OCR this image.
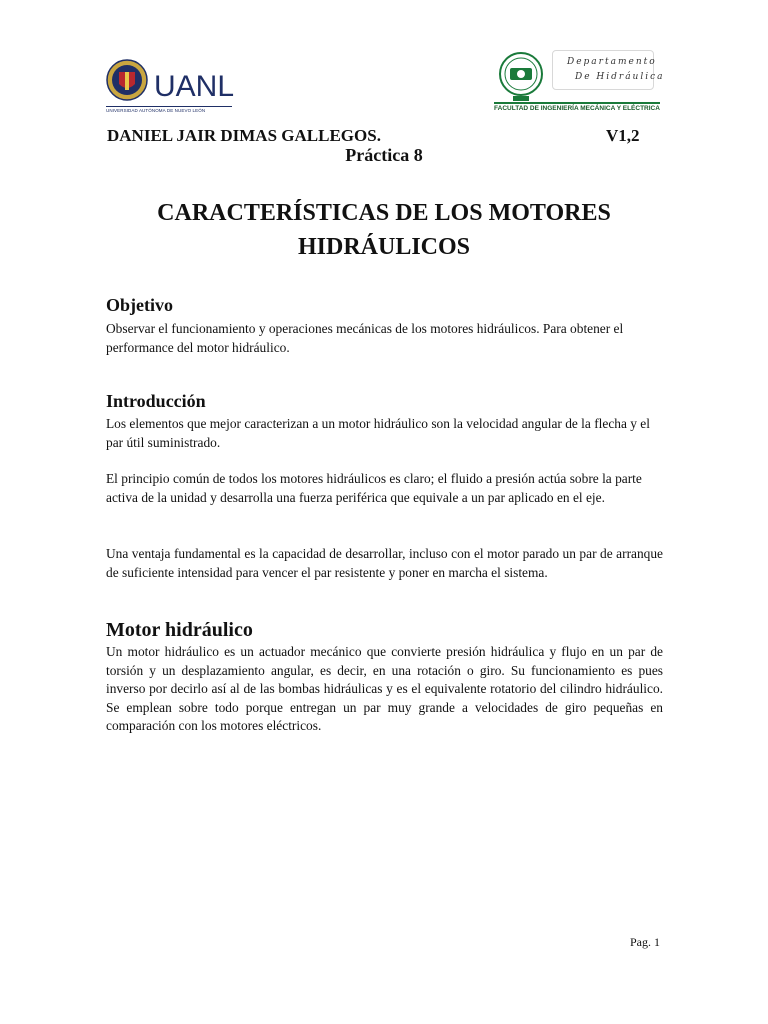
UANL
UNIVERSIDAD AUTÓNOMA DE NUEVO LEÓN
Departamento
De Hidráulica
FACULTAD DE INGENIERÍA MECÁNICA Y ELÉCTRICA
DANIEL JAIR DIMAS GALLEGOS.	V1,2
Práctica 8
CARACTERÍSTICAS DE LOS MOTORES HIDRÁULICOS
Objetivo

Observar el funcionamiento y operaciones mecánicas de los motores hidráulicos. Para obtener el performance del motor hidráulico.

Introducción

Los elementos que mejor caracterizan a un motor hidráulico son la velocidad angular de la flecha y el par útil suministrado.

El principio común de todos los motores hidráulicos es claro; el fluido a presión actúa sobre la parte activa de la unidad y desarrolla una fuerza periférica que equivale a un par aplicado en el eje.

Una ventaja fundamental es la capacidad de desarrollar, incluso con el motor parado un par de arranque de suficiente intensidad para vencer el par resistente y poner en marcha el sistema.

Motor hidráulico

Un motor hidráulico es un actuador mecánico que convierte presión hidráulica y flujo en un par de torsión y un desplazamiento angular, es decir, en una rotación o giro. Su funcionamiento es pues inverso por decirlo así al de las bombas hidráulicas y es el equivalente rotatorio del cilindro hidráulico. Se emplean sobre todo porque entregan un par muy grande a velocidades de giro pequeñas en comparación con los motores eléctricos.

Pag. 1
